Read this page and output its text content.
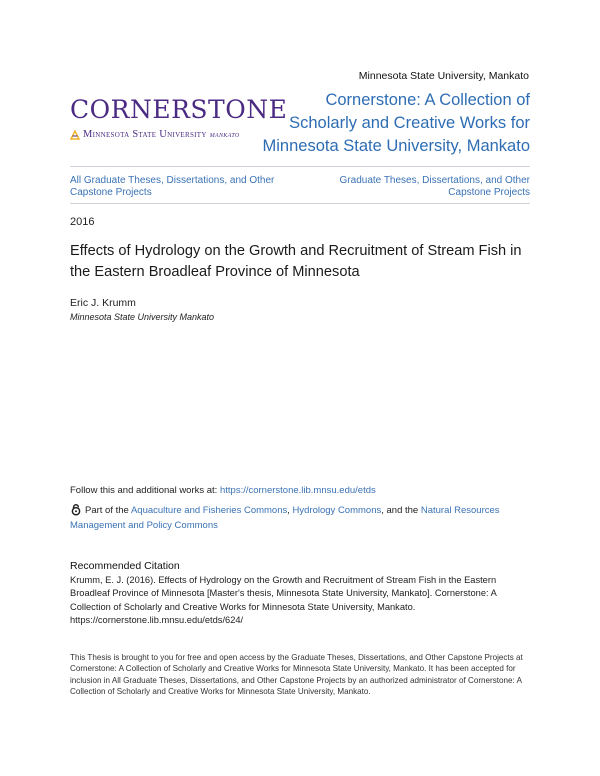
Minnesota State University, Mankato
CORNERSTONE
Minnesota State University mankato
Cornerstone: A Collection of Scholarly and Creative Works for Minnesota State University, Mankato
All Graduate Theses, Dissertations, and Other Capstone Projects
Graduate Theses, Dissertations, and Other Capstone Projects
2016
Effects of Hydrology on the Growth and Recruitment of Stream Fish in the Eastern Broadleaf Province of Minnesota
Eric J. Krumm
Minnesota State University Mankato
Follow this and additional works at: https://cornerstone.lib.mnsu.edu/etds
Part of the Aquaculture and Fisheries Commons, Hydrology Commons, and the Natural Resources Management and Policy Commons
Recommended Citation
Krumm, E. J. (2016). Effects of Hydrology on the Growth and Recruitment of Stream Fish in the Eastern Broadleaf Province of Minnesota [Master's thesis, Minnesota State University, Mankato]. Cornerstone: A Collection of Scholarly and Creative Works for Minnesota State University, Mankato. https://cornerstone.lib.mnsu.edu/etds/624/
This Thesis is brought to you for free and open access by the Graduate Theses, Dissertations, and Other Capstone Projects at Cornerstone: A Collection of Scholarly and Creative Works for Minnesota State University, Mankato. It has been accepted for inclusion in All Graduate Theses, Dissertations, and Other Capstone Projects by an authorized administrator of Cornerstone: A Collection of Scholarly and Creative Works for Minnesota State University, Mankato.
